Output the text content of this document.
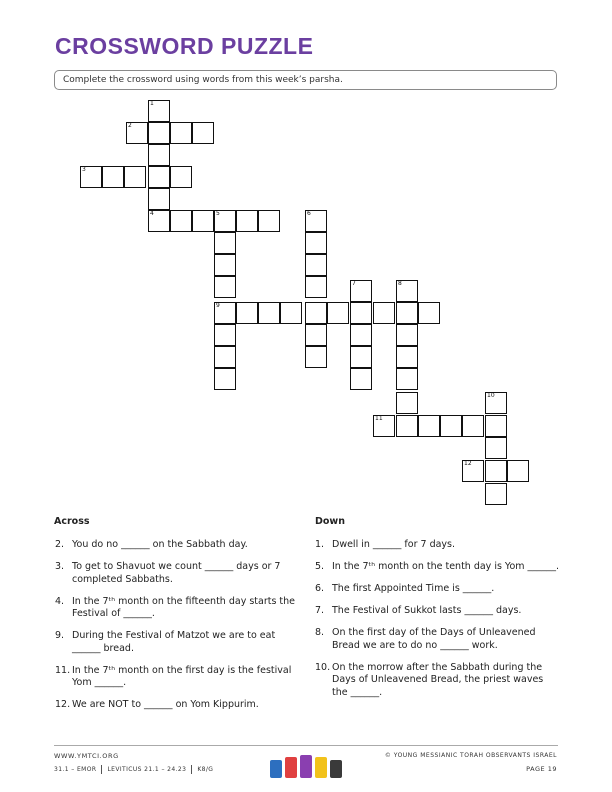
CROSSWORD PUZZLE
Complete the crossword using words from this week’s parsha.
1
2
3
4	5
9
6
7	8
11
10
12
Across	Down
2. You do no ______ on the Sabbath day.
3. To get to Shavuot we count ______ days or 7 completed Sabbaths.
4. In the 7ᵗʰ month on the fifteenth day starts the Festival of ______.
9. During the Festival of Matzot we are to eat ______ bread.
11. In the 7ᵗʰ month on the first day is the festival Yom ______.
12. We are NOT to ______ on Yom Kippurim.
1. Dwell in ______ for 7 days.
5. In the 7ᵗʰ month on the tenth day is Yom ______.
6. The first Appointed Time is ______.
7. The Festival of Sukkot lasts ______ days.
8. On the first day of the Days of Unleavened Bread we are to do no ______ work.
10. On the morrow after the Sabbath during the Days of Unleavened Bread, the priest waves the ______.
WWW.YMTCI.ORG
31.1 – EMOR LEVITICUS 21.1 – 24.23 K8/G
© YOUNG MESSIANIC TORAH OBSERVANTS ISRAEL
PAGE 19
